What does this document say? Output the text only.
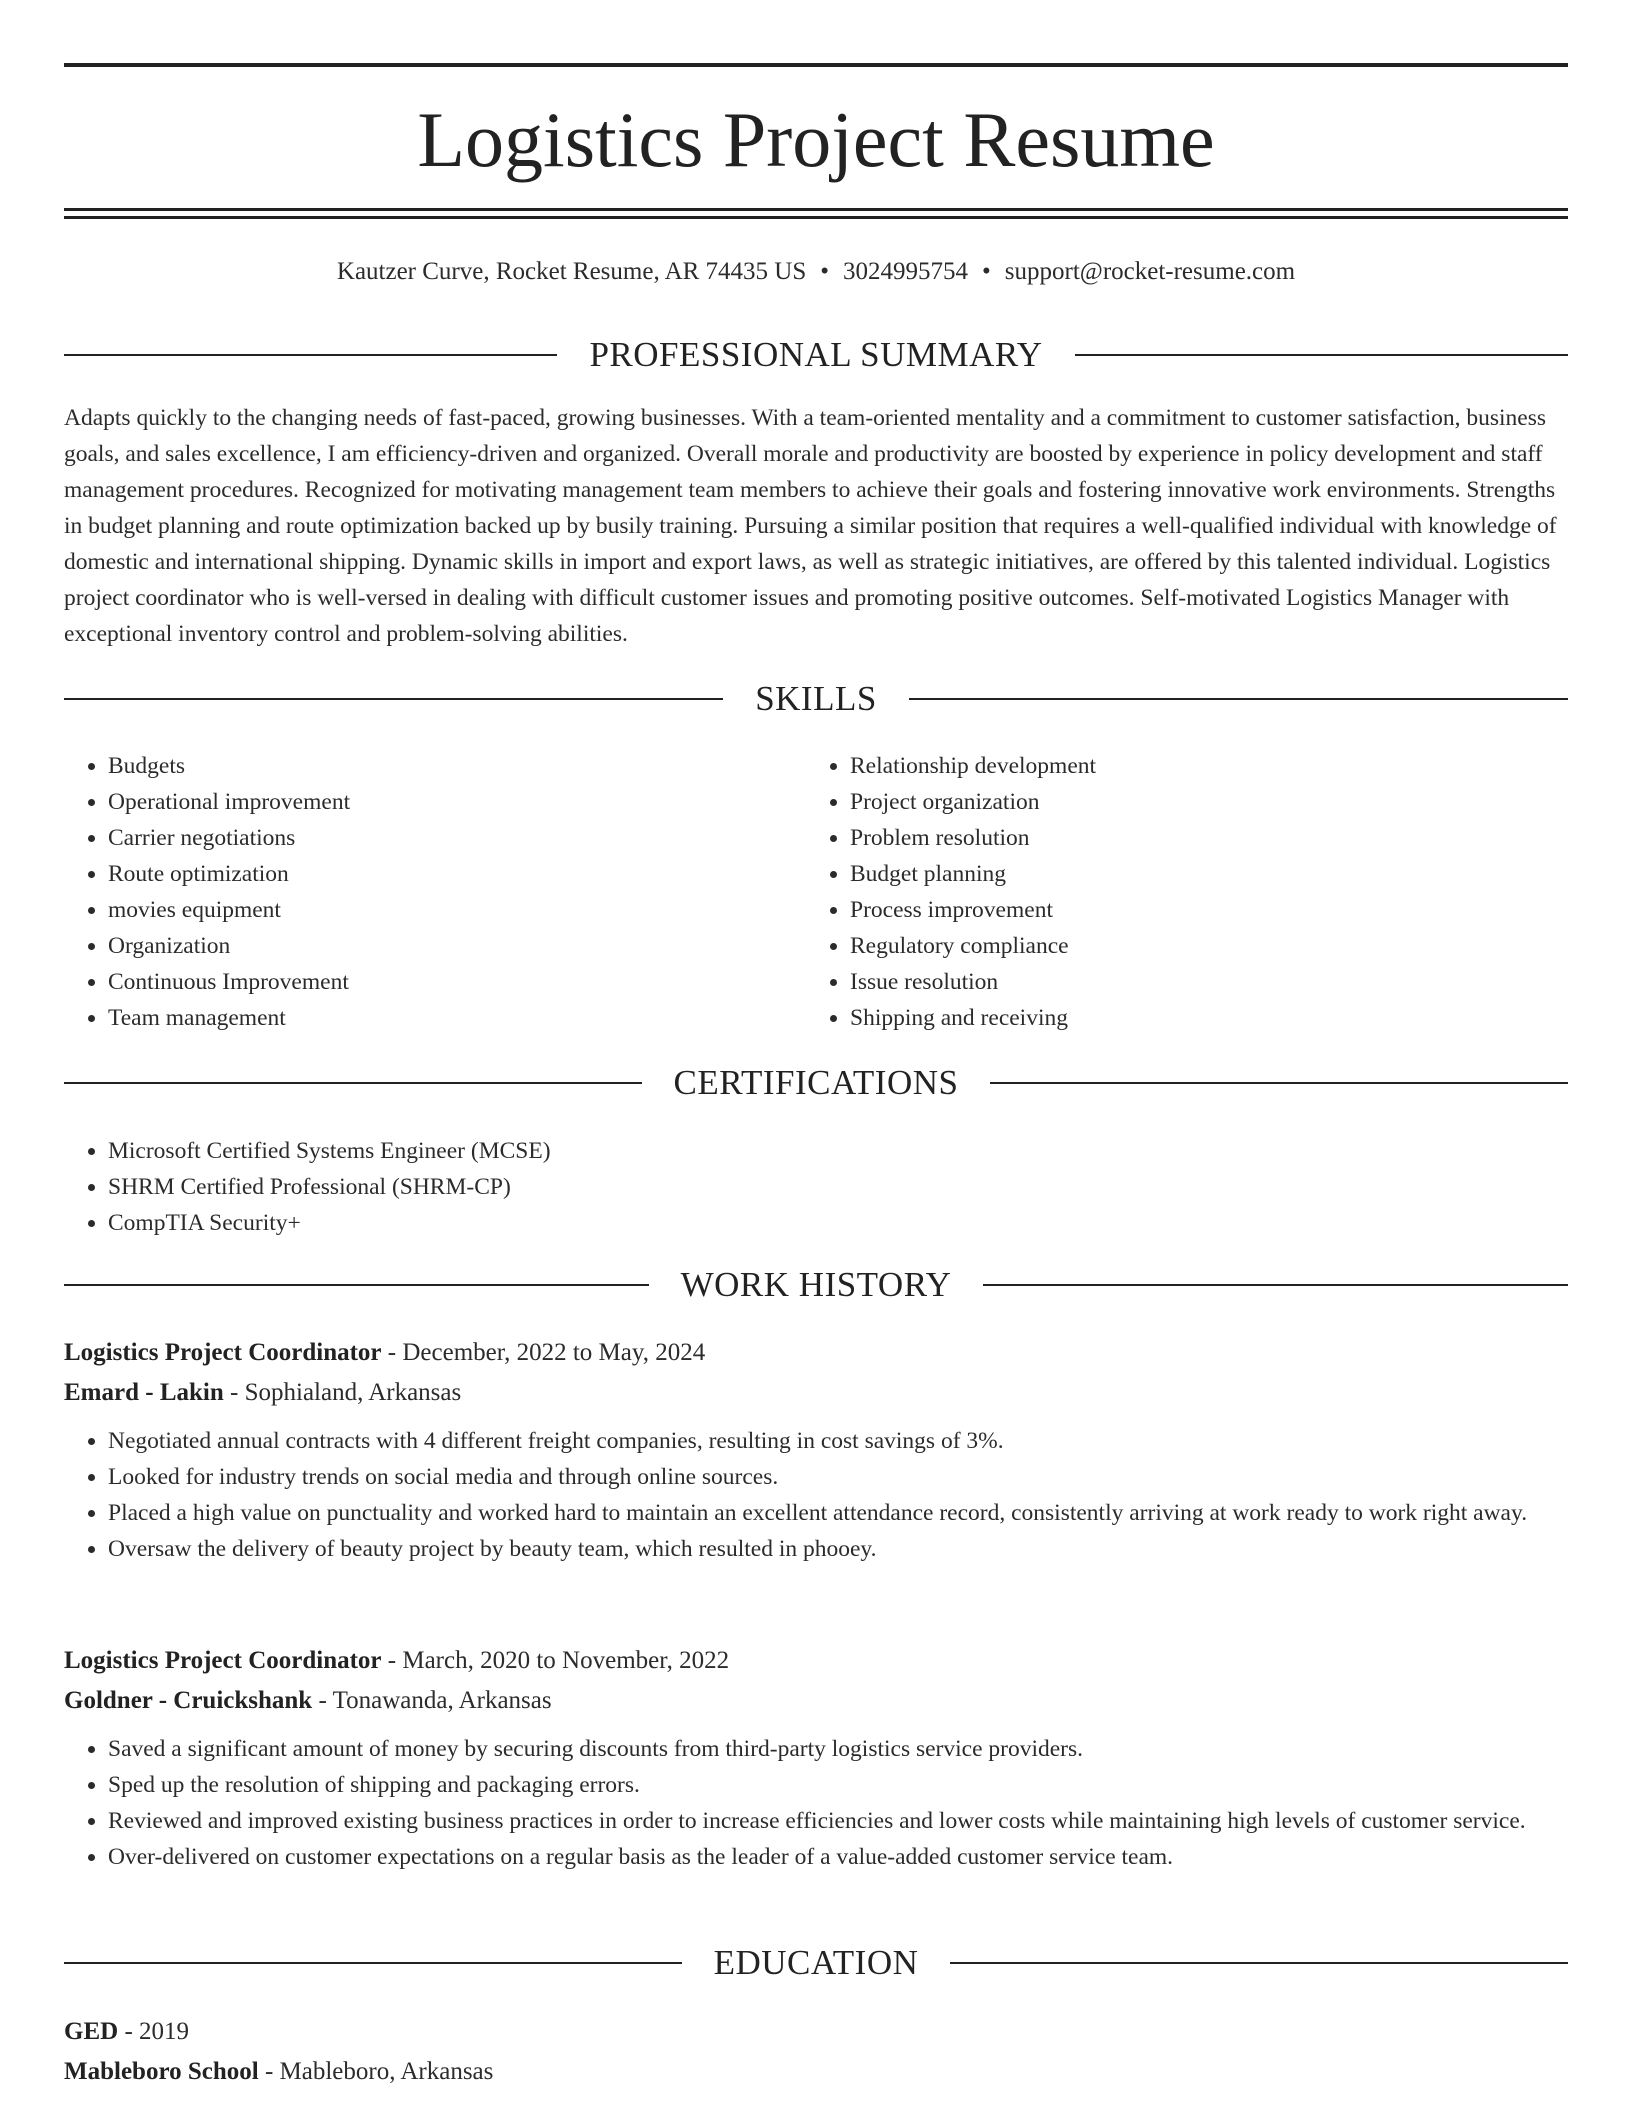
Logistics Project Resume
Kautzer Curve, Rocket Resume, AR 74435 US • 3024995754 • support@rocket-resume.com
PROFESSIONAL SUMMARY

Adapts quickly to the changing needs of fast-paced, growing businesses. With a team-oriented mentality and a commitment to customer satisfaction, business goals, and sales excellence, I am efficiency-driven and organized. Overall morale and productivity are boosted by experience in policy development and staff management procedures. Recognized for motivating management team members to achieve their goals and fostering innovative work environments. Strengths in budget planning and route optimization backed up by busily training. Pursuing a similar position that requires a well-qualified individual with knowledge of domestic and international shipping. Dynamic skills in import and export laws, as well as strategic initiatives, are offered by this talented individual. Logistics project coordinator who is well-versed in dealing with difficult customer issues and promoting positive outcomes. Self-motivated Logistics Manager with exceptional inventory control and problem-solving abilities.

SKILLS
• Budgets
• Operational improvement
• Carrier negotiations
• Route optimization
• movies equipment
• Organization
• Continuous Improvement
• Team management
• Relationship development
• Project organization
• Problem resolution
• Budget planning
• Process improvement
• Regulatory compliance
• Issue resolution
• Shipping and receiving
CERTIFICATIONS
• Microsoft Certified Systems Engineer (MCSE)
• SHRM Certified Professional (SHRM-CP)
• CompTIA Security+
WORK HISTORY
Logistics Project Coordinator - December, 2022 to May, 2024
Emard - Lakin - Sophialand, Arkansas
• Negotiated annual contracts with 4 different freight companies, resulting in cost savings of 3%.
• Looked for industry trends on social media and through online sources.
• Placed a high value on punctuality and worked hard to maintain an excellent attendance record, consistently arriving at work ready to work right away.
• Oversaw the delivery of beauty project by beauty team, which resulted in phooey.
Logistics Project Coordinator - March, 2020 to November, 2022
Goldner - Cruickshank - Tonawanda, Arkansas
• Saved a significant amount of money by securing discounts from third-party logistics service providers.
• Sped up the resolution of shipping and packaging errors.
• Reviewed and improved existing business practices in order to increase efficiencies and lower costs while maintaining high levels of customer service.
• Over-delivered on customer expectations on a regular basis as the leader of a value-added customer service team.
EDUCATION
GED - 2019
Mableboro School - Mableboro, Arkansas
